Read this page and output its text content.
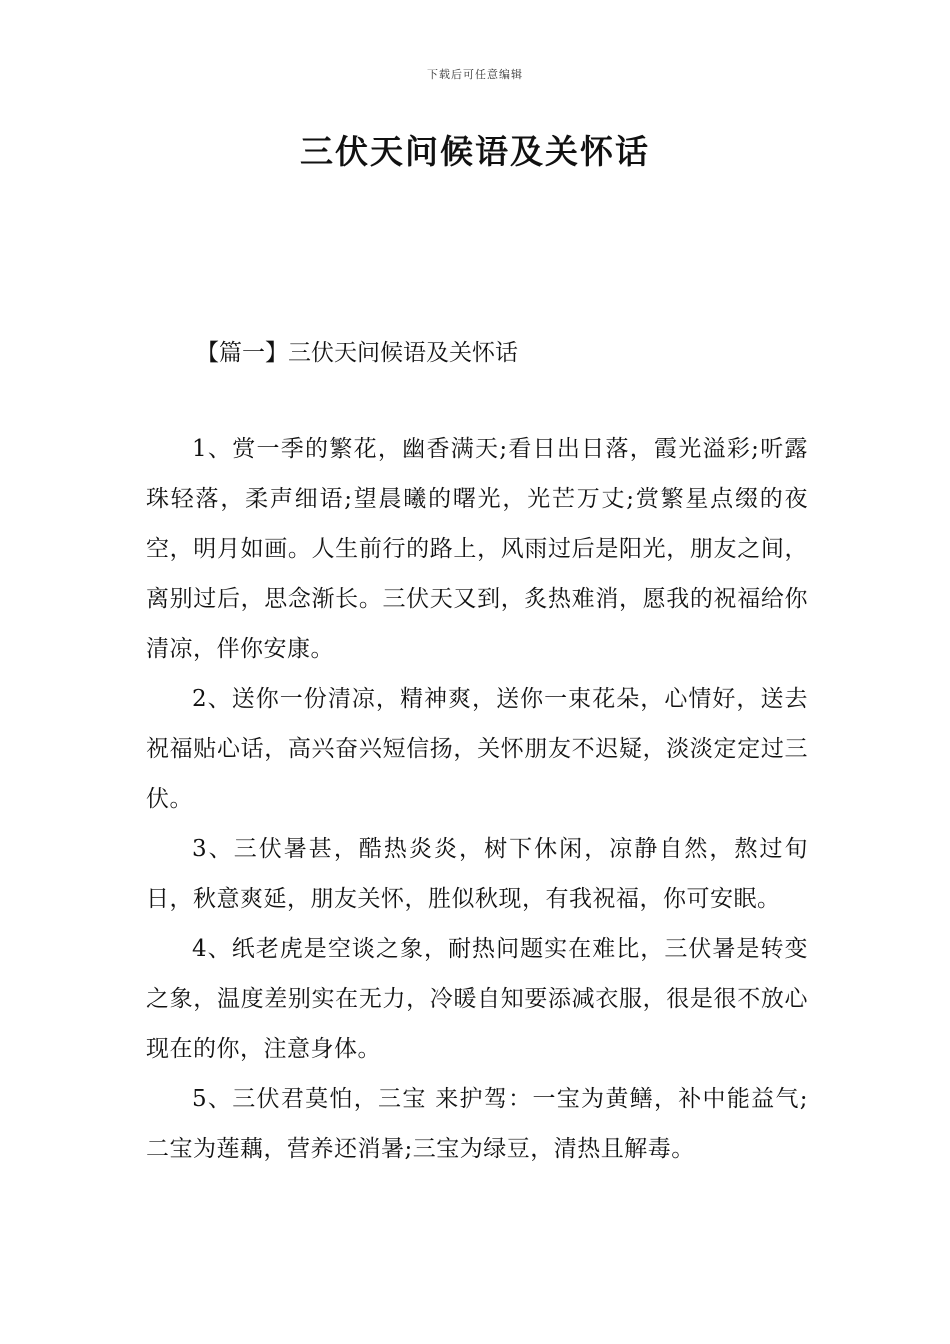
下载后可任意编辑
三伏天问候语及关怀话
【篇一】三伏天问候语及关怀话

1、赏一季的繁花，幽香满天;看日出日落，霞光溢彩;听露珠轻落，柔声细语;望晨曦的曙光，光芒万丈;赏繁星点缀的夜空，明月如画。人生前行的路上，风雨过后是阳光，朋友之间，离别过后，思念渐长。三伏天又到，炙热难消，愿我的祝福给你清凉，伴你安康。

2、送你一份清凉，精神爽，送你一束花朵，心情好，送去祝福贴心话，高兴奋兴短信扬，关怀朋友不迟疑，淡淡定定过三伏。

3、三伏暑甚，酷热炎炎，树下休闲，凉静自然，熬过旬日，秋意爽延，朋友关怀，胜似秋现，有我祝福，你可安眠。

4、纸老虎是空谈之象，耐热问题实在难比，三伏暑是转变之象，温度差别实在无力，冷暖自知要添减衣服，很是很不放心现在的你，注意身体。

5、三伏君莫怕，三宝 来护驾：一宝为黄鳝，补中能益气;二宝为莲藕，营养还消暑;三宝为绿豆，清热且解毒。
